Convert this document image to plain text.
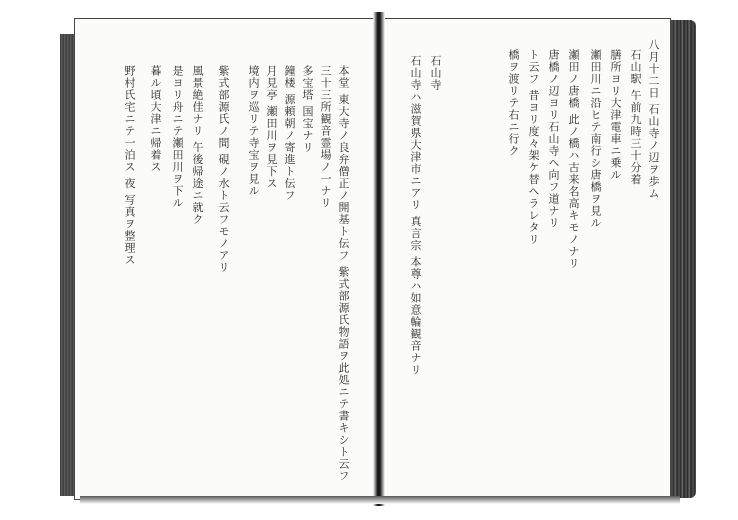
本堂 東大寺ノ良弁僧正ノ開基ト伝フ 紫式部源氏物語ヲ此処ニテ書キシト云フ
三十三所観音霊場ノ一ナリ
多宝塔 国宝ナリ
鐘楼 源頼朝ノ寄進ト伝フ
月見亭 瀬田川ヲ見下ス
境内ヲ巡リテ寺宝ヲ見ル
紫式部源氏ノ間 硯ノ水ト云フモノアリ
風景絶佳ナリ 午後帰途ニ就ク
是ヨリ舟ニテ瀬田川ヲ下ル
暮ル頃大津ニ帰着ス
野村氏宅ニテ一泊ス 夜 写真ヲ整理ス	八月十二日 石山寺ノ辺ヲ歩ム
石山駅 午前九時三十分着
膳所ヨリ大津電車ニ乗ル
瀬田川ニ沿ヒテ南行シ唐橋ヲ見ル
瀬田ノ唐橋 此ノ橋ハ古来名高キモノナリ
唐橋ノ辺ヨリ石山寺ヘ向フ道ナリ
ト云フ 昔ヨリ度々架ケ替ヘラレタリ
橋ヲ渡リテ右ニ行ク
石山寺
石山寺ハ滋賀県大津市ニアリ 真言宗 本尊ハ如意輪観音ナリ
